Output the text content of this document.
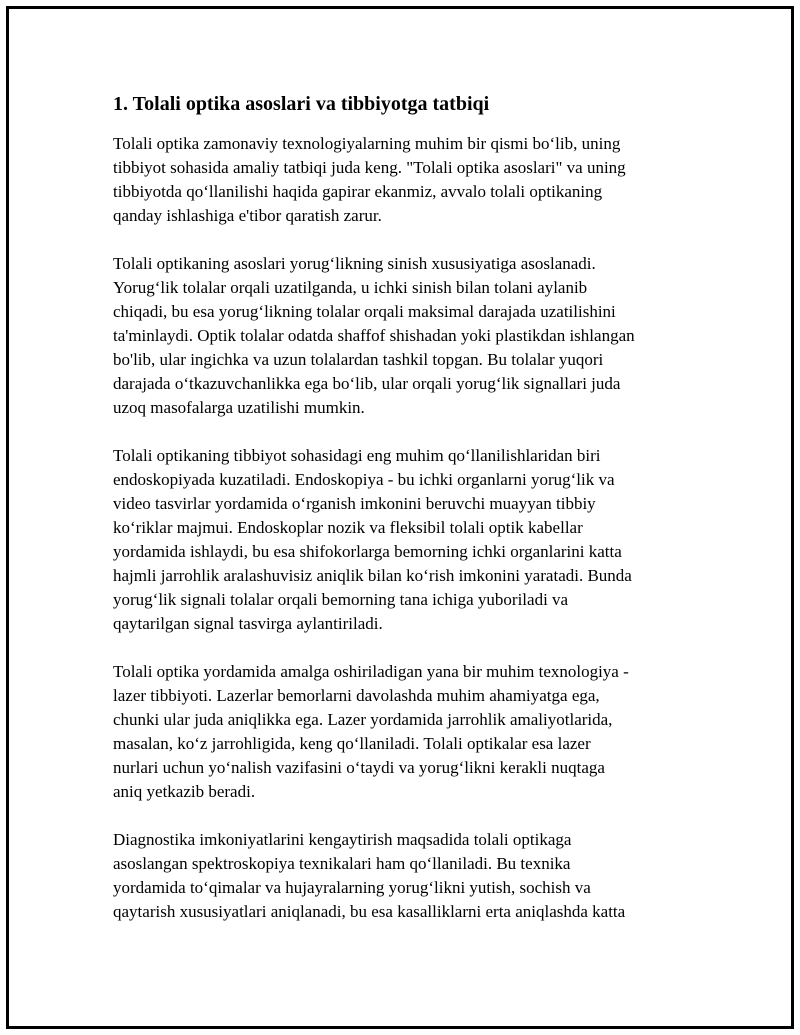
1. Tolali optika asoslari va tibbiyotga tatbiqi

Tolali optika zamonaviy texnologiyalarning muhim bir qismi bo‘lib, uning
tibbiyot sohasida amaliy tatbiqi juda keng. "Tolali optika asoslari" va uning
tibbiyotda qo‘llanilishi haqida gapirar ekanmiz, avvalo tolali optikaning
qanday ishlashiga e'tibor qaratish zarur.

Tolali optikaning asoslari yorug‘likning sinish xususiyatiga asoslanadi.
Yorug‘lik tolalar orqali uzatilganda, u ichki sinish bilan tolani aylanib
chiqadi, bu esa yorug‘likning tolalar orqali maksimal darajada uzatilishini
ta'minlaydi. Optik tolalar odatda shaffof shishadan yoki plastikdan ishlangan
bo'lib, ular ingichka va uzun tolalardan tashkil topgan. Bu tolalar yuqori
darajada o‘tkazuvchanlikka ega bo‘lib, ular orqali yorug‘lik signallari juda
uzoq masofalarga uzatilishi mumkin.

Tolali optikaning tibbiyot sohasidagi eng muhim qo‘llanilishlaridan biri
endoskopiyada kuzatiladi. Endoskopiya - bu ichki organlarni yorug‘lik va
video tasvirlar yordamida o‘rganish imkonini beruvchi muayyan tibbiy
ko‘riklar majmui. Endoskoplar nozik va fleksibil tolali optik kabellar
yordamida ishlaydi, bu esa shifokorlarga bemorning ichki organlarini katta
hajmli jarrohlik aralashuvisiz aniqlik bilan ko‘rish imkonini yaratadi. Bunda
yorug‘lik signali tolalar orqali bemorning tana ichiga yuboriladi va
qaytarilgan signal tasvirga aylantiriladi.

Tolali optika yordamida amalga oshiriladigan yana bir muhim texnologiya -
lazer tibbiyoti. Lazerlar bemorlarni davolashda muhim ahamiyatga ega,
chunki ular juda aniqlikka ega. Lazer yordamida jarrohlik amaliyotlarida,
masalan, ko‘z jarrohligida, keng qo‘llaniladi. Tolali optikalar esa lazer
nurlari uchun yo‘nalish vazifasini o‘taydi va yorug‘likni kerakli nuqtaga
aniq yetkazib beradi.

Diagnostika imkoniyatlarini kengaytirish maqsadida tolali optikaga
asoslangan spektroskopiya texnikalari ham qo‘llaniladi. Bu texnika
yordamida to‘qimalar va hujayralarning yorug‘likni yutish, sochish va
qaytarish xususiyatlari aniqlanadi, bu esa kasalliklarni erta aniqlashda katta
